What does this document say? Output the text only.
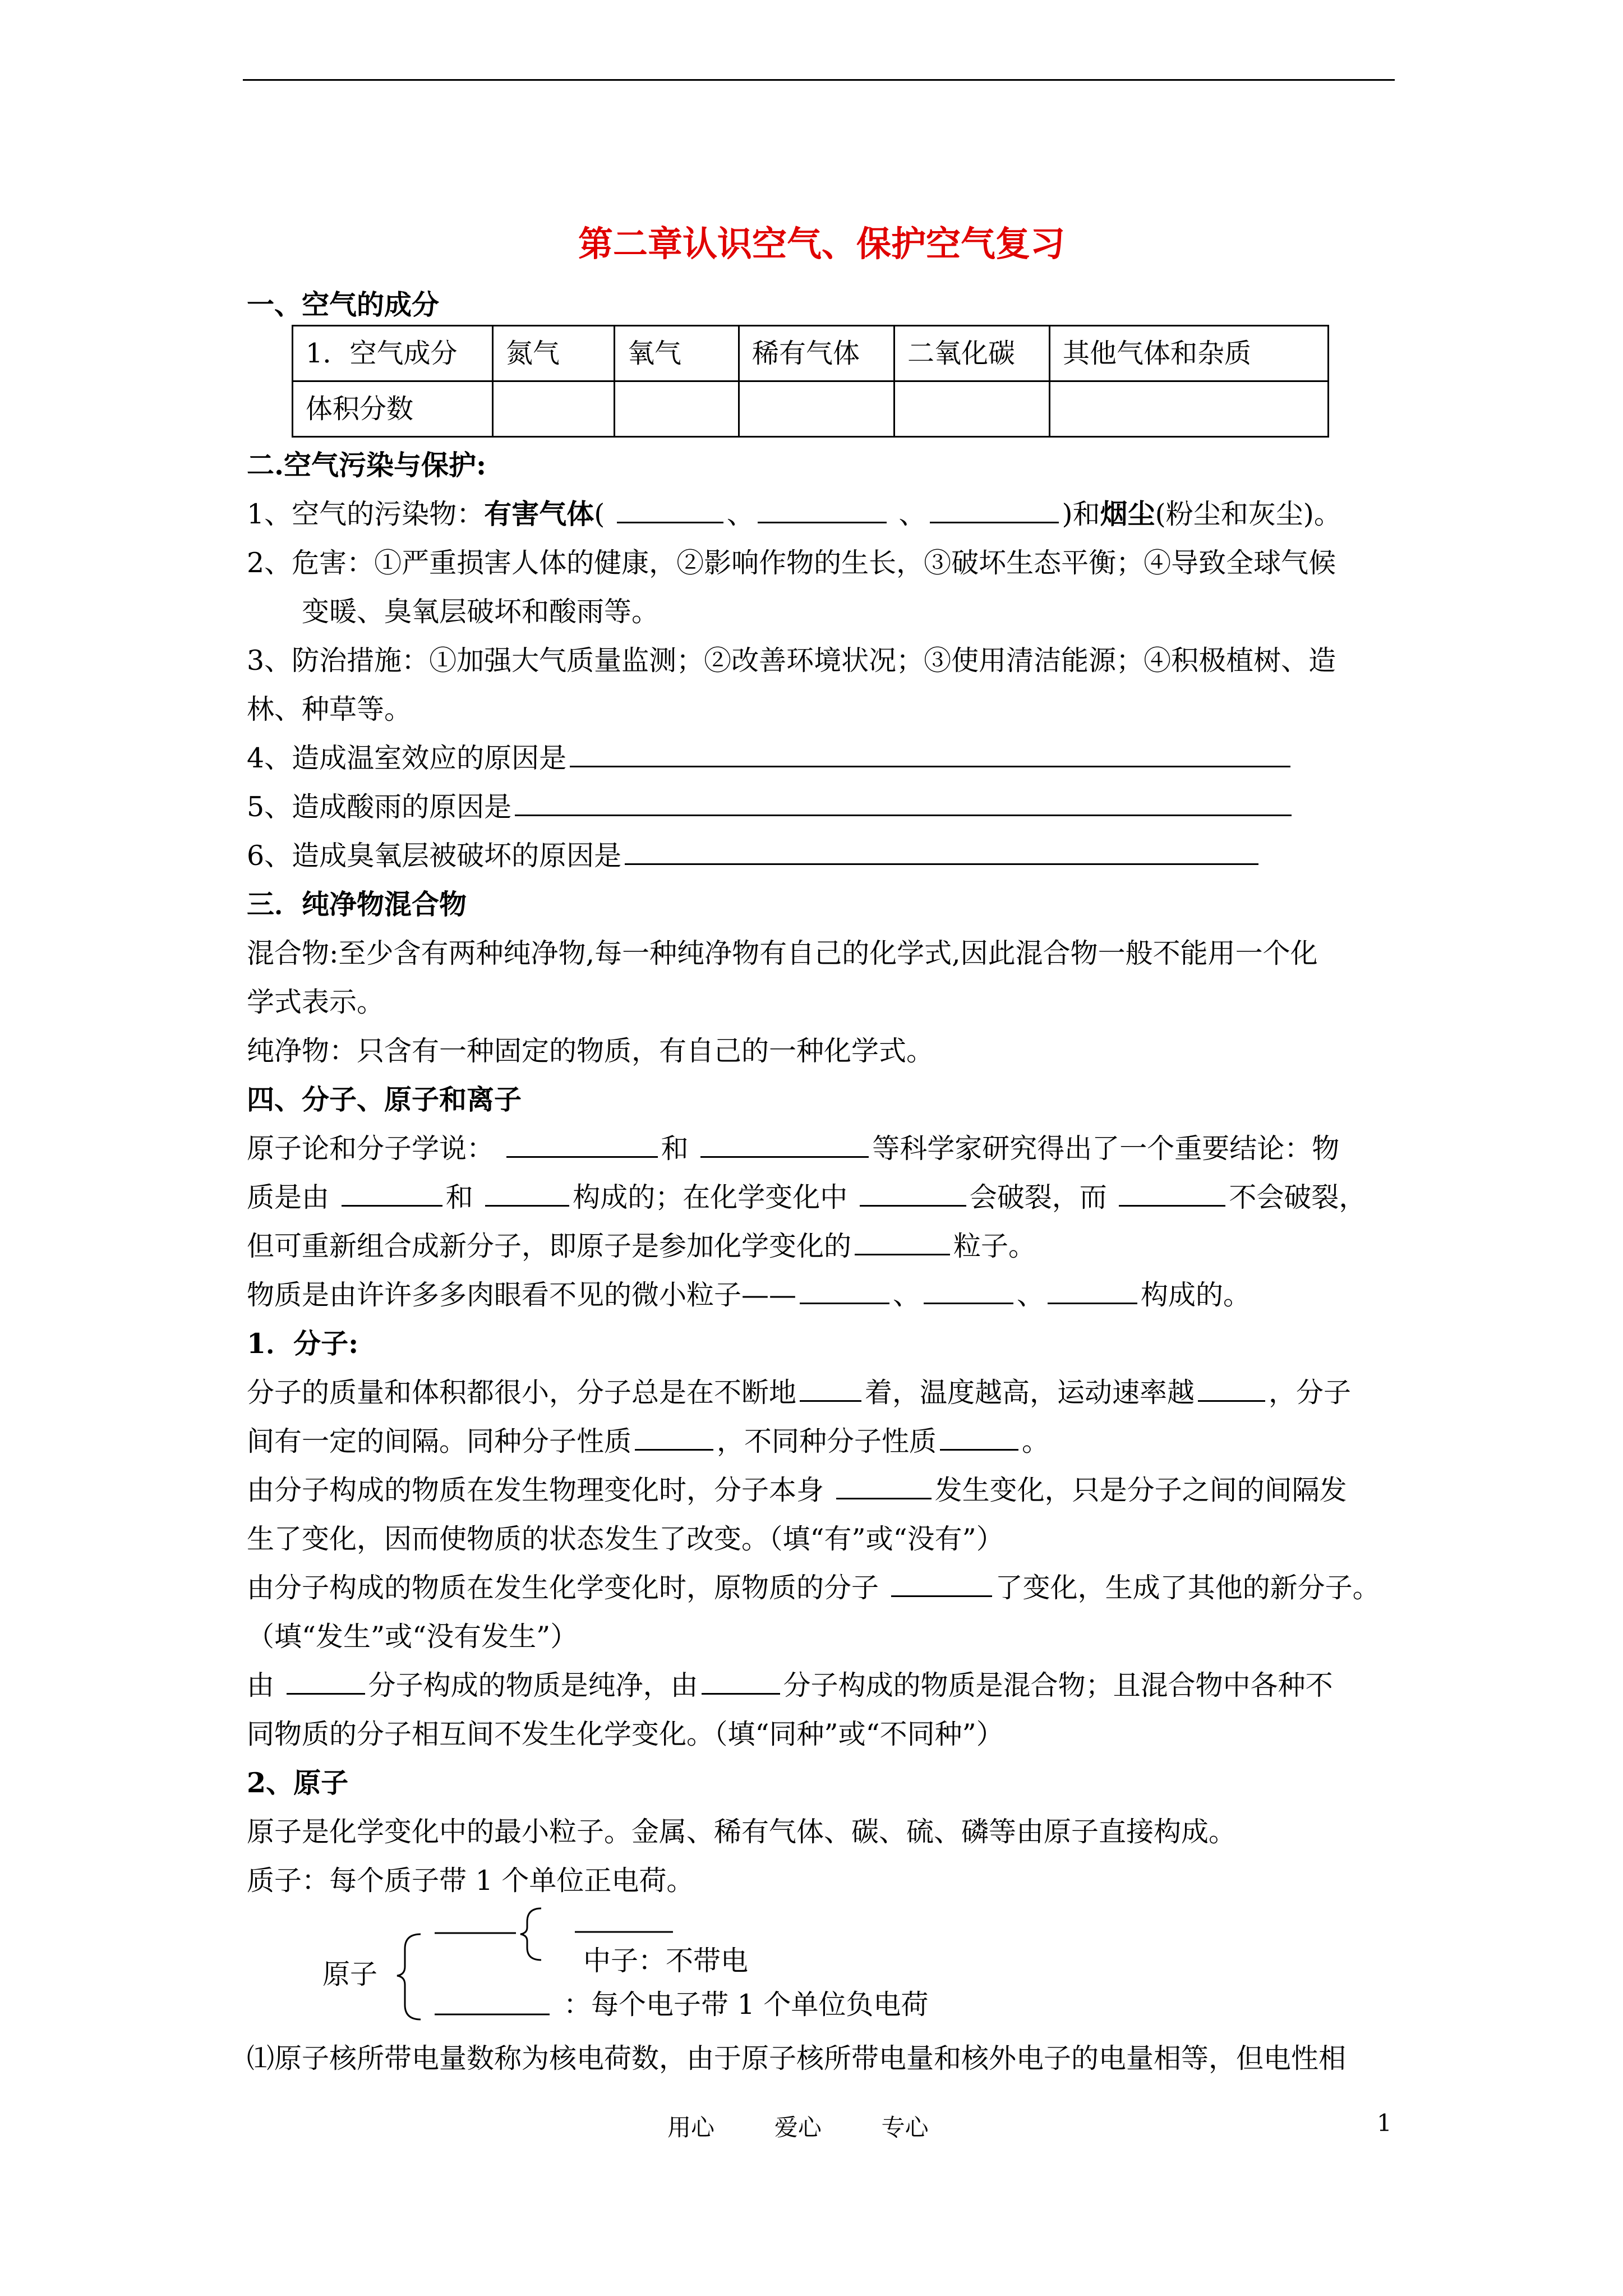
第二章认识空气、保护空气复习
一、空气的成分
1．空气成分	氮气	氧气	稀有气体	二氧化碳	其他气体和杂质
体积分数					
二.空气污染与保护:
1、空气的污染物：有害气体(	、	、	)和烟尘(粉尘和灰尘)。
2、危害：①严重损害人体的健康，②影响作物的生长，③破坏生态平衡；④导致全球气候
变暖、臭氧层破坏和酸雨等。
3、防治措施：①加强大气质量监测；②改善环境状况；③使用清洁能源；④积极植树、造
林、种草等。
4、造成温室效应的原因是
5、造成酸雨的原因是
6、造成臭氧层被破坏的原因是
三．纯净物混合物
混合物:至少含有两种纯净物,每一种纯净物有自己的化学式,因此混合物一般不能用一个化
学式表示。
纯净物：只含有一种固定的物质，有自己的一种化学式。
四、分子、原子和离子
原子论和分子学说：	和	等科学家研究得出了一个重要结论：物
质是由	和	构成的；在化学变化中	会破裂，而	不会破裂，
但可重新组合成新分子，即原子是参加化学变化的	粒子。
物质是由许许多多肉眼看不见的微小粒子——	、	、	构成的。
1．分子:
分子的质量和体积都很小，分子总是在不断地 着，温度越高，运动速率越	，分子
间有一定的间隔。同种分子性质	，不同种分子性质	。
由分子构成的物质在发生物理变化时，分子本身	发生变化，只是分子之间的间隔发
生了变化，因而使物质的状态发生了改变。（填“有”或“没有”）
由分子构成的物质在发生化学变化时，原物质的分子	了变化，生成了其他的新分子。
（填“发生”或“没有发生”）
由	分子构成的物质是纯净，由	分子构成的物质是混合物；且混合物中各种不
同物质的分子相互间不发生化学变化。（填“同种”或“不同种”）
2、原子
原子是化学变化中的最小粒子。金属、稀有气体、碳、硫、磷等由原子直接构成。
质子：每个质子带 1 个单位正电荷。
原子	中子：不带电
：每个电子带 1 个单位负电荷
⑴原子核所带电量数称为核电荷数，由于原子核所带电量和核外电子的电量相等，但电性相
用心	爱心	专心	1
